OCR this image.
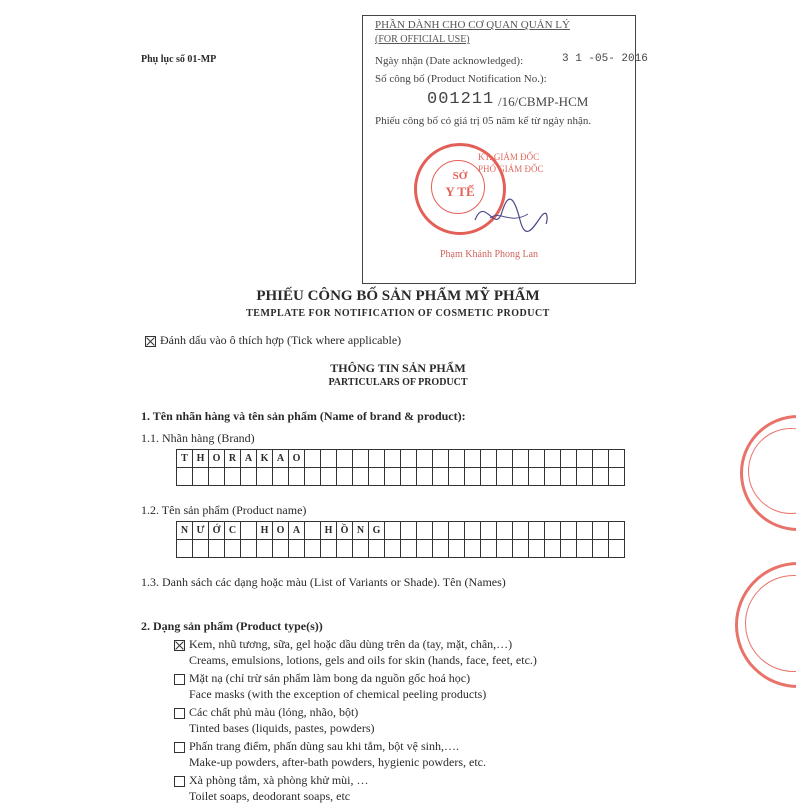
Phụ lục số 01-MP
PHẦN DÀNH CHO CƠ QUAN QUẢN LÝ
(FOR OFFICIAL USE)
Ngày nhận (Date acknowledged):	3 1 -05- 2016
Số công bố (Product Notification No.):
001211 /16/CBMP-HCM
Phiếu công bố có giá trị 05 năm kể từ ngày nhận.
SỞ
Y TẾ
KT. GIÁM ĐỐC
PHÓ GIÁM ĐỐC
Phạm Khánh Phong Lan
PHIẾU CÔNG BỐ SẢN PHẨM MỸ PHẨM
TEMPLATE FOR NOTIFICATION OF COSMETIC PRODUCT
Đánh dấu vào ô thích hợp (Tick where applicable)
THÔNG TIN SẢN PHẨM
PARTICULARS OF PRODUCT
1. Tên nhãn hàng và tên sản phẩm (Name of brand & product):
1.1. Nhãn hàng (Brand)
T H O R A K A O
1.2. Tên sản phẩm (Product name)
N Ư Ớ C	H O A	H Ồ N G
1.3. Danh sách các dạng hoặc màu (List of Variants or Shade). Tên (Names)
2. Dạng sản phẩm (Product type(s))
Kem, nhũ tương, sữa, gel hoặc dầu dùng trên da (tay, mặt, chân,…)
Creams, emulsions, lotions, gels and oils for skin (hands, face, feet, etc.)
Mặt nạ (chỉ trừ sản phẩm làm bong da nguồn gốc hoá học)
Face masks (with the exception of chemical peeling products)
Các chất phủ màu (lỏng, nhão, bột)
Tinted bases (liquids, pastes, powders)
Phấn trang điểm, phấn dùng sau khi tắm, bột vệ sinh,….
Make-up powders, after-bath powders, hygienic powders, etc.
Xà phòng tắm, xà phòng khử mùi, …
Toilet soaps, deodorant soaps, etc
